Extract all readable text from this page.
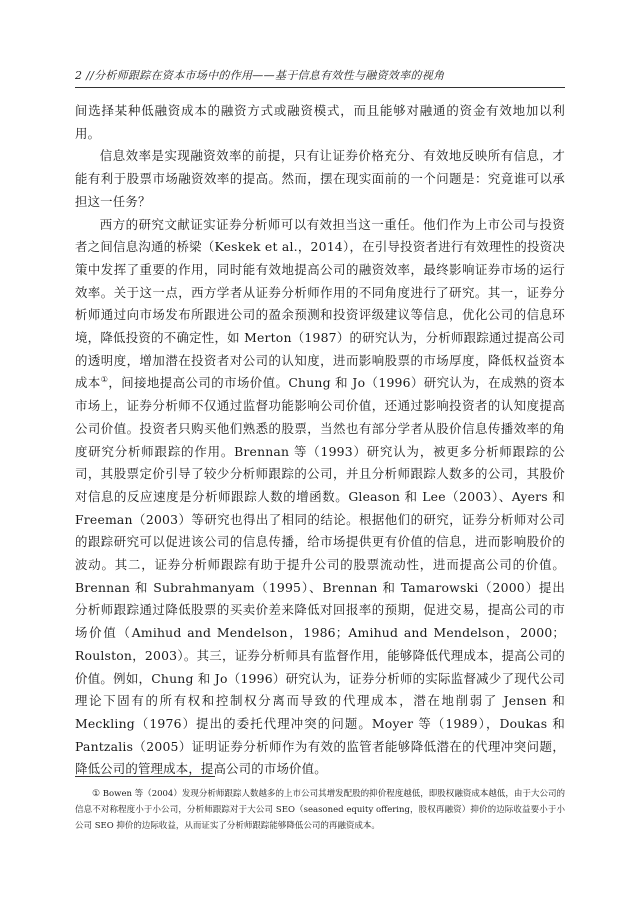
2 //分析师跟踪在资本市场中的作用——基于信息有效性与融资效率的视角

间选择某种低融资成本的融资方式或融资模式，而且能够对融通的资金有效地加以利用。

信息效率是实现融资效率的前提，只有让证券价格充分、有效地反映所有信息，才能有利于股票市场融资效率的提高。然而，摆在现实面前的一个问题是：究竟谁可以承担这一任务？

西方的研究文献证实证券分析师可以有效担当这一重任。他们作为上市公司与投资者之间信息沟通的桥梁（Keskek et al.，2014），在引导投资者进行有效理性的投资决策中发挥了重要的作用，同时能有效地提高公司的融资效率，最终影响证券市场的运行效率。关于这一点，西方学者从证券分析师作用的不同角度进行了研究。其一，证券分析师通过向市场发布所跟进公司的盈余预测和投资评级建议等信息，优化公司的信息环境，降低投资的不确定性，如 Merton（1987）的研究认为，分析师跟踪通过提高公司的透明度，增加潜在投资者对公司的认知度，进而影响股票的市场厚度，降低权益资本成本①，间接地提高公司的市场价值。Chung 和 Jo（1996）研究认为，在成熟的资本市场上，证券分析师不仅通过监督功能影响公司价值，还通过影响投资者的认知度提高公司价值。投资者只购买他们熟悉的股票，当然也有部分学者从股价信息传播效率的角度研究分析师跟踪的作用。Brennan 等（1993）研究认为，被更多分析师跟踪的公司，其股票定价引导了较少分析师跟踪的公司，并且分析师跟踪人数多的公司，其股价对信息的反应速度是分析师跟踪人数的增函数。Gleason 和 Lee（2003）、Ayers 和 Freeman（2003）等研究也得出了相同的结论。根据他们的研究，证券分析师对公司的跟踪研究可以促进该公司的信息传播，给市场提供更有价值的信息，进而影响股价的波动。其二，证券分析师跟踪有助于提升公司的股票流动性，进而提高公司的价值。Brennan 和 Subrahmanyam（1995）、Brennan 和 Tamarowski（2000）提出分析师跟踪通过降低股票的买卖价差来降低对回报率的预期，促进交易，提高公司的市场价值（Amihud and Mendelson，1986；Amihud and Mendelson，2000；Roulston，2003）。其三，证券分析师具有监督作用，能够降低代理成本，提高公司的价值。例如，Chung 和 Jo（1996）研究认为，证券分析师的实际监督减少了现代公司理论下固有的所有权和控制权分离而导致的代理成本，潜在地削弱了 Jensen 和 Meckling（1976）提出的委托代理冲突的问题。Moyer 等（1989），Doukas 和 Pantzalis（2005）证明证券分析师作为有效的监管者能够降低潜在的代理冲突问题，降低公司的管理成本，提高公司的市场价值。

① Bowen 等（2004）发现分析师跟踪人数越多的上市公司其增发配股的抑价程度越低，即股权融资成本越低，由于大公司的信息不对称程度小于小公司，分析师跟踪对于大公司 SEO（seasoned equity offering，股权再融资）抑价的边际收益要小于小公司 SEO 抑价的边际收益，从而证实了分析师跟踪能够降低公司的再融资成本。
